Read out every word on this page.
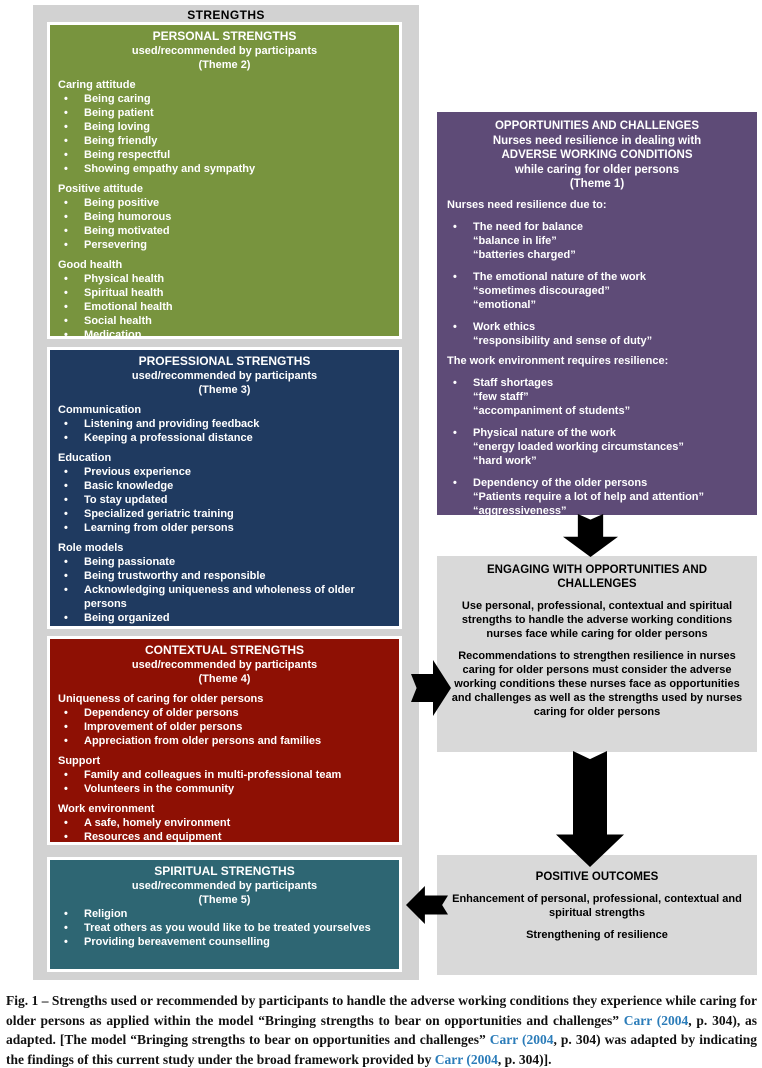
STRENGTHS
PERSONAL STRENGTHS
used/recommended by participants
(Theme 2)
Caring attitude
• Being caring
• Being patient
• Being loving
• Being friendly
• Being respectful
• Showing empathy and sympathy
Positive attitude
• Being positive
• Being humorous
• Being motivated
• Persevering
Good health
• Physical health
• Spiritual health
• Emotional health
• Social health
• Medication
PROFESSIONAL STRENGTHS
used/recommended by participants
(Theme 3)
Communication
• Listening and providing feedback
• Keeping a professional distance
Education
• Previous experience
• Basic knowledge
• To stay updated
• Specialized geriatric training
• Learning from older persons
Role models
• Being passionate
• Being trustworthy and responsible
• Acknowledging uniqueness and wholeness of older persons
• Being organized
CONTEXTUAL STRENGTHS
used/recommended by participants
(Theme 4)
Uniqueness of caring for older persons
• Dependency of older persons
• Improvement of older persons
• Appreciation from older persons and families
Support
• Family and colleagues in multi-professional team
• Volunteers in the community
Work environment
• A safe, homely environment
• Resources and equipment
SPIRITUAL STRENGTHS
used/recommended by participants
(Theme 5)
• Religion
• Treat others as you would like to be treated yourselves
• Providing bereavement counselling
OPPORTUNITIES AND CHALLENGES
Nurses need resilience in dealing with
ADVERSE WORKING CONDITIONS
while caring for older persons
(Theme 1)
Nurses need resilience due to:
• The need for balance
“balance in life”
“batteries charged”
• The emotional nature of the work
“sometimes discouraged”
“emotional”
• Work ethics
“responsibility and sense of duty”
The work environment requires resilience:
• Staff shortages
“few staff”
“accompaniment of students”
• Physical nature of the work
“energy loaded working circumstances”
“hard work”
• Dependency of the older persons
“Patients require a lot of help and attention”
“aggressiveness”
ENGAGING WITH OPPORTUNITIES AND CHALLENGES

Use personal, professional, contextual and spiritual strengths to handle the adverse working conditions nurses face while caring for older persons

Recommendations to strengthen resilience in nurses caring for older persons must consider the adverse working conditions these nurses face as opportunities and challenges as well as the strengths used by nurses caring for older persons

POSITIVE OUTCOMES

Enhancement of personal, professional, contextual and spiritual strengths

Strengthening of resilience

Fig. 1 – Strengths used or recommended by participants to handle the adverse working conditions they experience while caring for older persons as applied within the model “Bringing strengths to bear on opportunities and challenges” Carr (2004, p. 304), as adapted. [The model “Bringing strengths to bear on opportunities and challenges” Carr (2004, p. 304) was adapted by indicating the findings of this current study under the broad framework provided by Carr (2004, p. 304)].
